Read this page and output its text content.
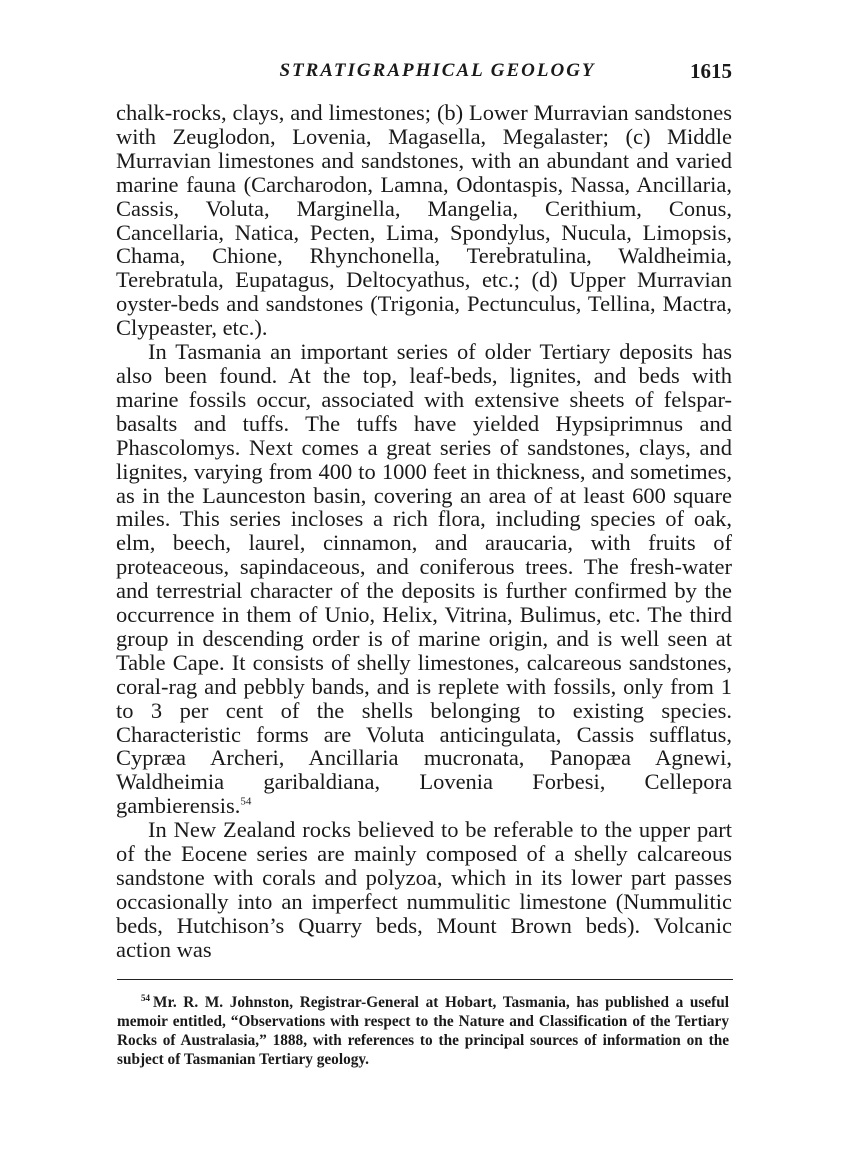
STRATIGRAPHICAL GEOLOGY	1615

chalk-rocks, clays, and limestones; (b) Lower Murravian sandstones with Zeuglodon, Lovenia, Magasella, Megalaster; (c) Middle Murravian limestones and sandstones, with an abundant and varied marine fauna (Carcharodon, Lamna, Odontaspis, Nassa, Ancillaria, Cassis, Voluta, Marginella, Mangelia, Cerithium, Conus, Cancellaria, Natica, Pecten, Lima, Spondylus, Nucula, Limopsis, Chama, Chione, Rhynchonella, Terebratulina, Waldheimia, Terebratula, Eupatagus, Deltocyathus, etc.; (d) Upper Murravian oyster-beds and sandstones (Trigonia, Pectunculus, Tellina, Mactra, Clypeaster, etc.).

In Tasmania an important series of older Tertiary deposits has also been found. At the top, leaf-beds, lignites, and beds with marine fossils occur, associated with extensive sheets of felspar-basalts and tuffs. The tuffs have yielded Hypsiprimnus and Phascolomys. Next comes a great series of sandstones, clays, and lignites, varying from 400 to 1000 feet in thickness, and sometimes, as in the Launceston basin, covering an area of at least 600 square miles. This series incloses a rich flora, including species of oak, elm, beech, laurel, cinnamon, and araucaria, with fruits of proteaceous, sapindaceous, and coniferous trees. The fresh-water and terrestrial character of the deposits is further confirmed by the occurrence in them of Unio, Helix, Vitrina, Bulimus, etc. The third group in descending order is of marine origin, and is well seen at Table Cape. It consists of shelly limestones, calcareous sandstones, coral-rag and pebbly bands, and is replete with fossils, only from 1 to 3 per cent of the shells belonging to existing species. Characteristic forms are Voluta anticingulata, Cassis sufflatus, Cypræa Archeri, Ancillaria mucronata, Panopæa Agnewi, Waldheimia garibaldiana, Lovenia Forbesi, Cellepora gambierensis.$^{54}$

In New Zealand rocks believed to be referable to the upper part of the Eocene series are mainly composed of a shelly calcareous sandstone with corals and polyzoa, which in its lower part passes occasionally into an imperfect nummulitic limestone (Nummulitic beds, Hutchison’s Quarry beds, Mount Brown beds). Volcanic action was

$^{54}$ Mr. R. M. Johnston, Registrar-General at Hobart, Tasmania, has published a useful memoir entitled, “Observations with respect to the Nature and Classification of the Tertiary Rocks of Australasia,” 1888, with references to the principal sources of information on the subject of Tasmanian Tertiary geology.
